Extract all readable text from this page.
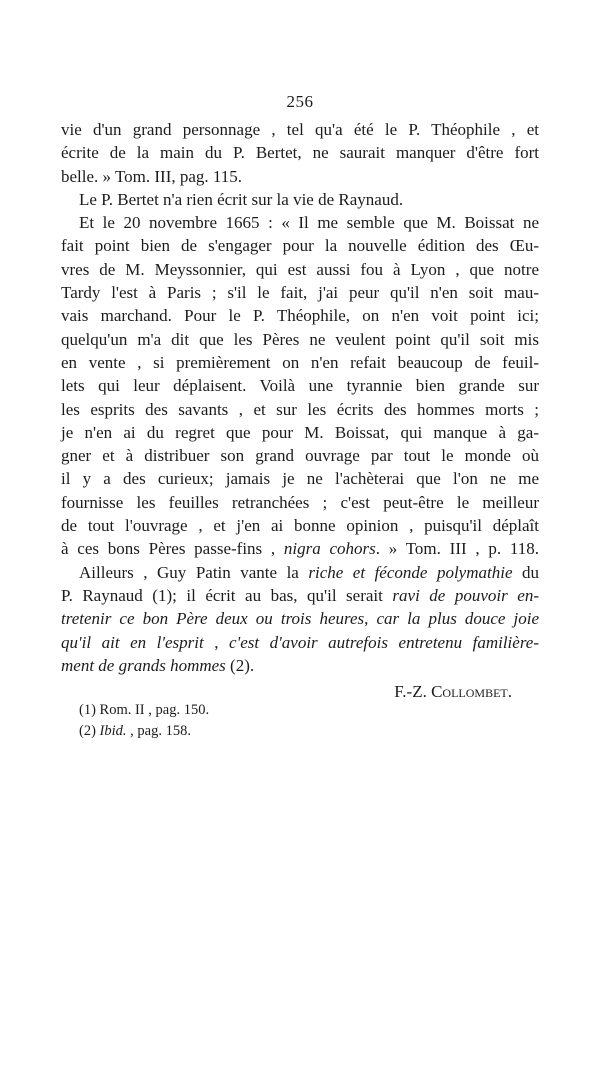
256
vie d'un grand personnage , tel qu'a été le P. Théophile , et
écrite de la main du P. Bertet, ne saurait manquer d'être fort
belle. » Tom. III, pag. 115.
Le P. Bertet n'a rien écrit sur la vie de Raynaud.
Et le 20 novembre 1665 : « Il me semble que M. Boissat ne
fait point bien de s'engager pour la nouvelle édition des Œu-
vres de M. Meyssonnier, qui est aussi fou à Lyon , que notre
Tardy l'est à Paris ; s'il le fait, j'ai peur qu'il n'en soit mau-
vais marchand. Pour le P. Théophile, on n'en voit point ici;
quelqu'un m'a dit que les Pères ne veulent point qu'il soit mis
en vente , si premièrement on n'en refait beaucoup de feuil-
lets qui leur déplaisent. Voilà une tyrannie bien grande sur
les esprits des savants , et sur les écrits des hommes morts ;
je n'en ai du regret que pour M. Boissat, qui manque à ga-
gner et à distribuer son grand ouvrage par tout le monde où
il y a des curieux; jamais je ne l'achèterai que l'on ne me
fournisse les feuilles retranchées ; c'est peut-être le meilleur
de tout l'ouvrage , et j'en ai bonne opinion , puisqu'il déplaît
à ces bons Pères passe-fins , nigra cohors. » Tom. III , p. 118.
Ailleurs , Guy Patin vante la riche et féconde polymathie du
P. Raynaud (1); il écrit au bas, qu'il serait ravi de pouvoir en-
tretenir ce bon Père deux ou trois heures, car la plus douce joie
qu'il ait en l'esprit , c'est d'avoir autrefois entretenu familière-
ment de grands hommes (2).
F.-Z. Collombet.
(1) Rom. II , pag. 150.
(2) Ibid. , pag. 158.
